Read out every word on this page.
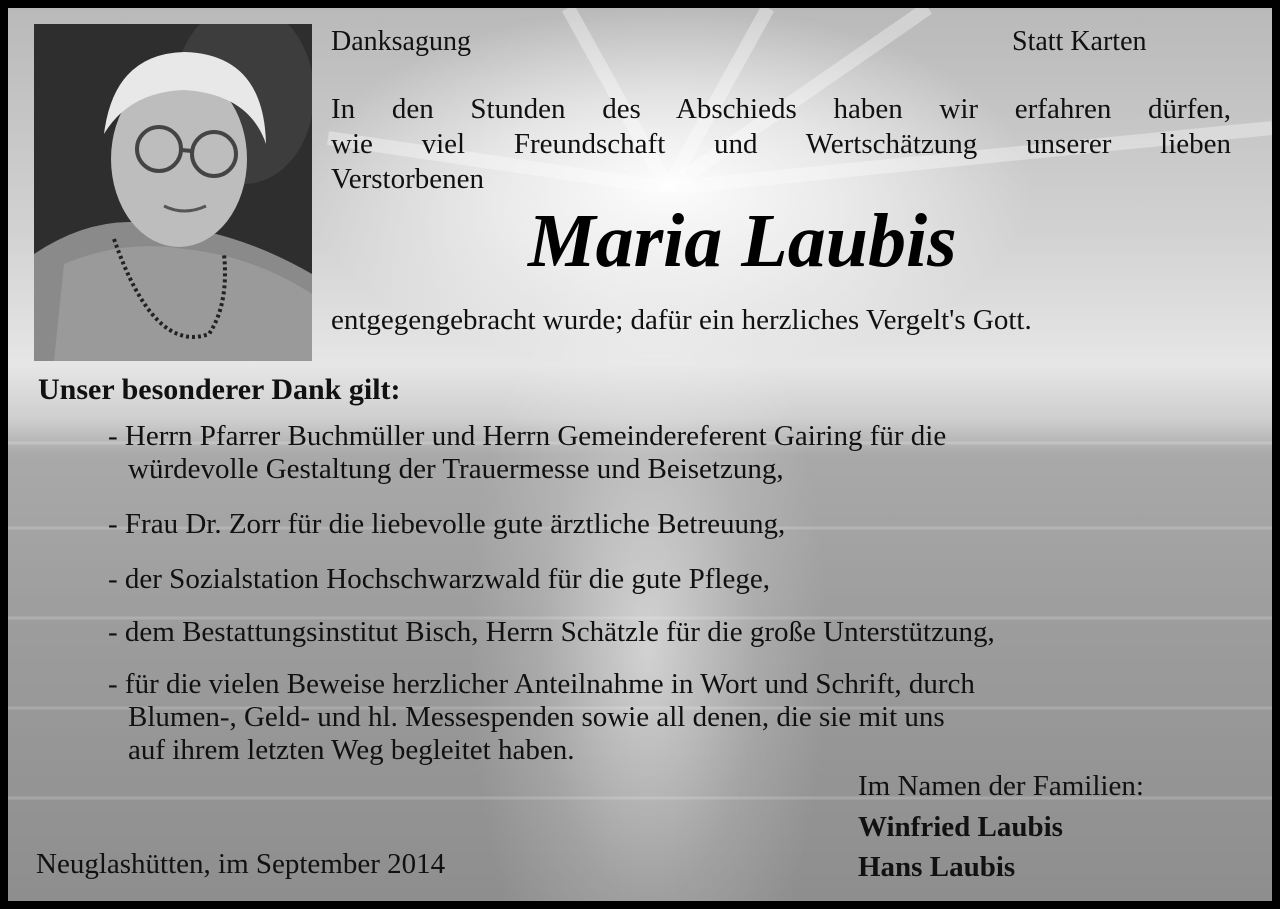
Danksagung	Statt Karten
In den Stunden des Abschieds haben wir erfahren dürfen,
wie viel Freundschaft und Wertschätzung unserer lieben
Verstorbenen
Maria Laubis
entgegengebracht wurde; dafür ein herzliches Vergelt's Gott.
Unser besonderer Dank gilt:
- Herrn Pfarrer Buchmüller und Herrn Gemeindereferent Gairing für die
würdevolle Gestaltung der Trauermesse und Beisetzung,
- Frau Dr. Zorr für die liebevolle gute ärztliche Betreuung,
- der Sozialstation Hochschwarzwald für die gute Pflege,
- dem Bestattungsinstitut Bisch, Herrn Schätzle für die große Unterstützung,
- für die vielen Beweise herzlicher Anteilnahme in Wort und Schrift, durch
Blumen-, Geld- und hl. Messespenden sowie all denen, die sie mit uns
auf ihrem letzten Weg begleitet haben.
Im Namen der Familien:
Winfried Laubis
Hans Laubis
Neuglashütten, im September 2014
